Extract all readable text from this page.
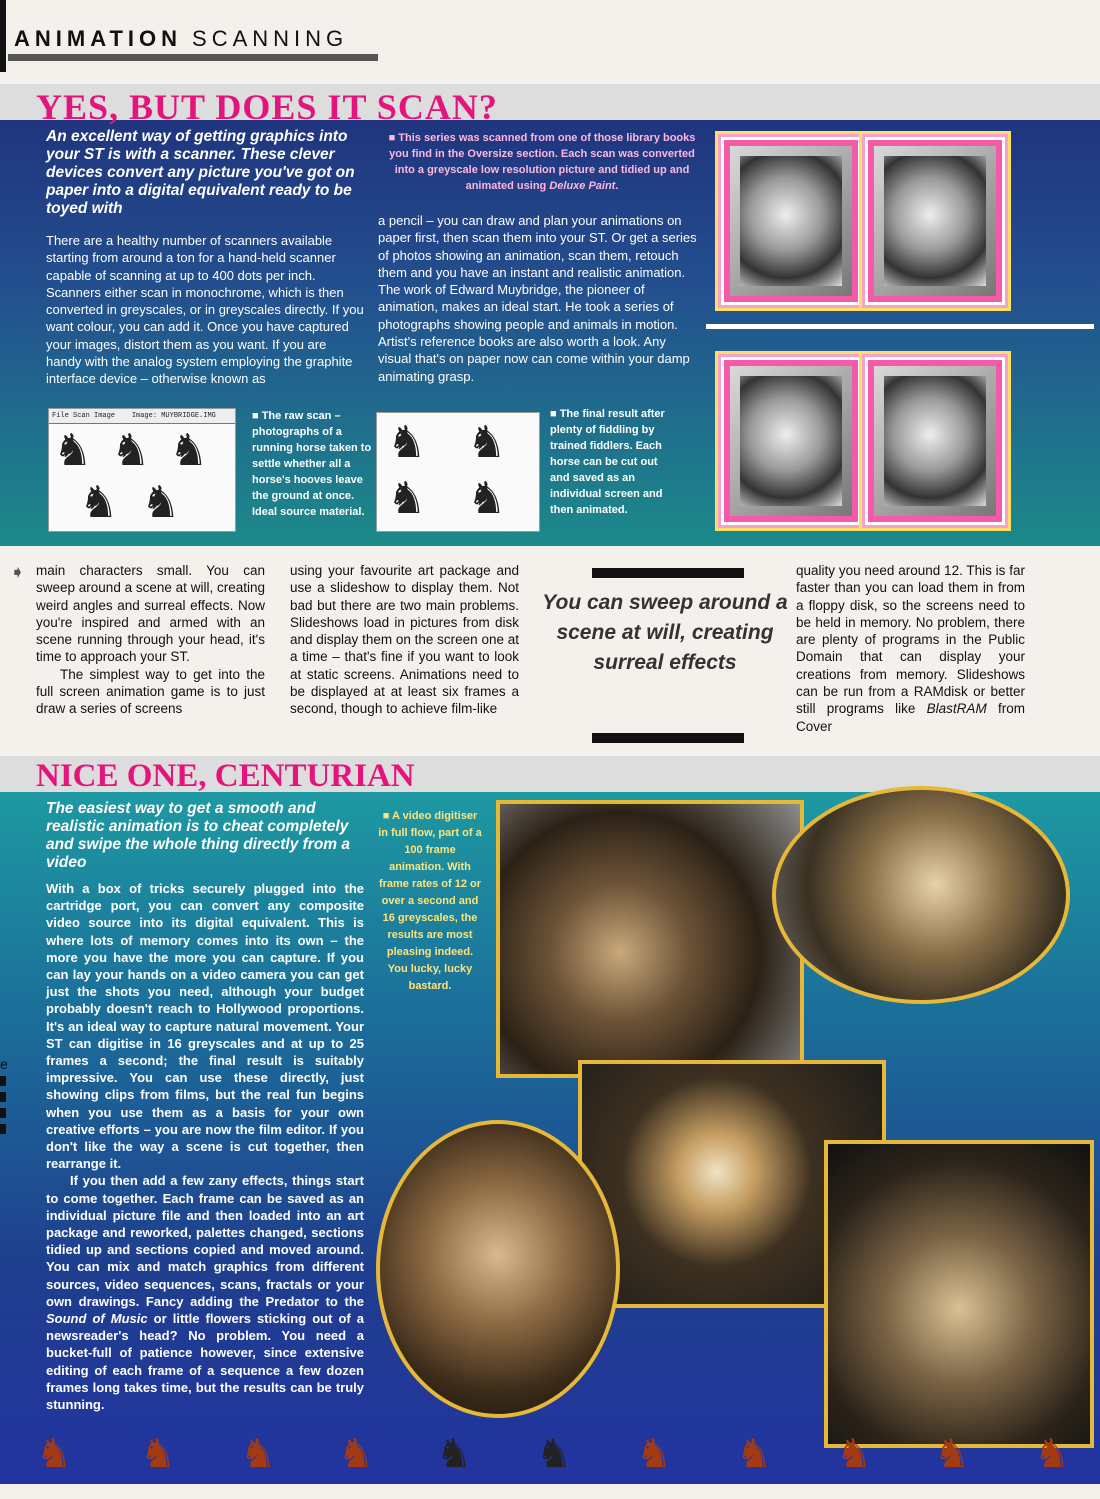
ANIMATION SCANNING
YES, BUT DOES IT SCAN?
An excellent way of getting graphics into your ST is with a scanner. These clever devices convert any picture you've got on paper into a digital equivalent ready to be toyed with
There are a healthy number of scanners available starting from around a ton for a hand-held scanner capable of scanning at up to 400 dots per inch. Scanners either scan in monochrome, which is then converted in greyscales, or in greyscales directly. If you want colour, you can add it. Once you have captured your images, distort them as you want. If you are handy with the analog system employing the graphite interface device – otherwise known as
■ This series was scanned from one of those library books you find in the Oversize section. Each scan was converted into a greyscale low resolution picture and tidied up and animated using Deluxe Paint.
a pencil – you can draw and plan your animations on paper first, then scan them into your ST. Or get a series of photos showing an animation, scan them, retouch them and you have an instant and realistic animation. The work of Edward Muybridge, the pioneer of animation, makes an ideal start. He took a series of photographs showing people and animals in motion. Artist's reference books are also worth a look. Any visual that's on paper now can come within your damp animating grasp.
File Scan Image Image: MUYBRIDGE.IMG
♞ ♞ ♞
♞ ♞
■ The raw scan – photographs of a running horse taken to settle whether all a horse's hooves leave the ground at once. Ideal source material.
♞ ♞
♞ ♞
■ The final result after plenty of fiddling by trained fiddlers. Each horse can be cut out and saved as an individual screen and then animated.
➧ main characters small. You can sweep around a scene at will, creating weird angles and surreal effects. Now you're inspired and armed with an scene running through your head, it's time to approach your ST.
The simplest way to get into the full screen animation game is to just draw a series of screens
using your favourite art package and use a slideshow to display them. Not bad but there are two main problems. Slideshows load in pictures from disk and display them on the screen one at a time – that's fine if you want to look at static screens. Animations need to be displayed at at least six frames a second, though to achieve film-like
You can sweep around a scene at will, creating surreal effects
quality you need around 12. This is far faster than you can load them in from a floppy disk, so the screens need to be held in memory. No problem, there are plenty of programs in the Public Domain that can display your creations from memory. Slideshows can be run from a RAMdisk or better still programs like BlastRAM from Cover
NICE ONE, CENTURIAN
The easiest way to get a smooth and realistic animation is to cheat completely and swipe the whole thing directly from a video

With a box of tricks securely plugged into the cartridge port, you can convert any composite video source into its digital equivalent. This is where lots of memory comes into its own – the more you have the more you can capture. If you can lay your hands on a video camera you can get just the shots you need, although your budget probably doesn't reach to Hollywood proportions. It's an ideal way to capture natural movement. Your ST can digitise in 16 greyscales and at up to 25 frames a second; the final result is suitably impressive. You can use these directly, just showing clips from films, but the real fun begins when you use them as a basis for your own creative efforts – you are now the film editor. If you don't like the way a scene is cut together, then rearrange it.

If you then add a few zany effects, things start to come together. Each frame can be saved as an individual picture file and then loaded into an art package and reworked, palettes changed, sections tidied up and sections copied and moved around. You can mix and match graphics from different sources, video sequences, scans, fractals or your own drawings. Fancy adding the Predator to the Sound of Music or little flowers sticking out of a newsreader's head? No problem. You need a bucket-full of patience however, since extensive editing of each frame of a sequence a few dozen frames long takes time, but the results can be truly stunning.

■ A video digitiser in full flow, part of a 100 frame animation. With frame rates of 12 or over a second and 16 greyscales, the results are most pleasing indeed. You lucky, lucky bastard.
e
♞ ♞ ♞ ♞ ♞ ♞ ♞ ♞ ♞ ♞ ♞
